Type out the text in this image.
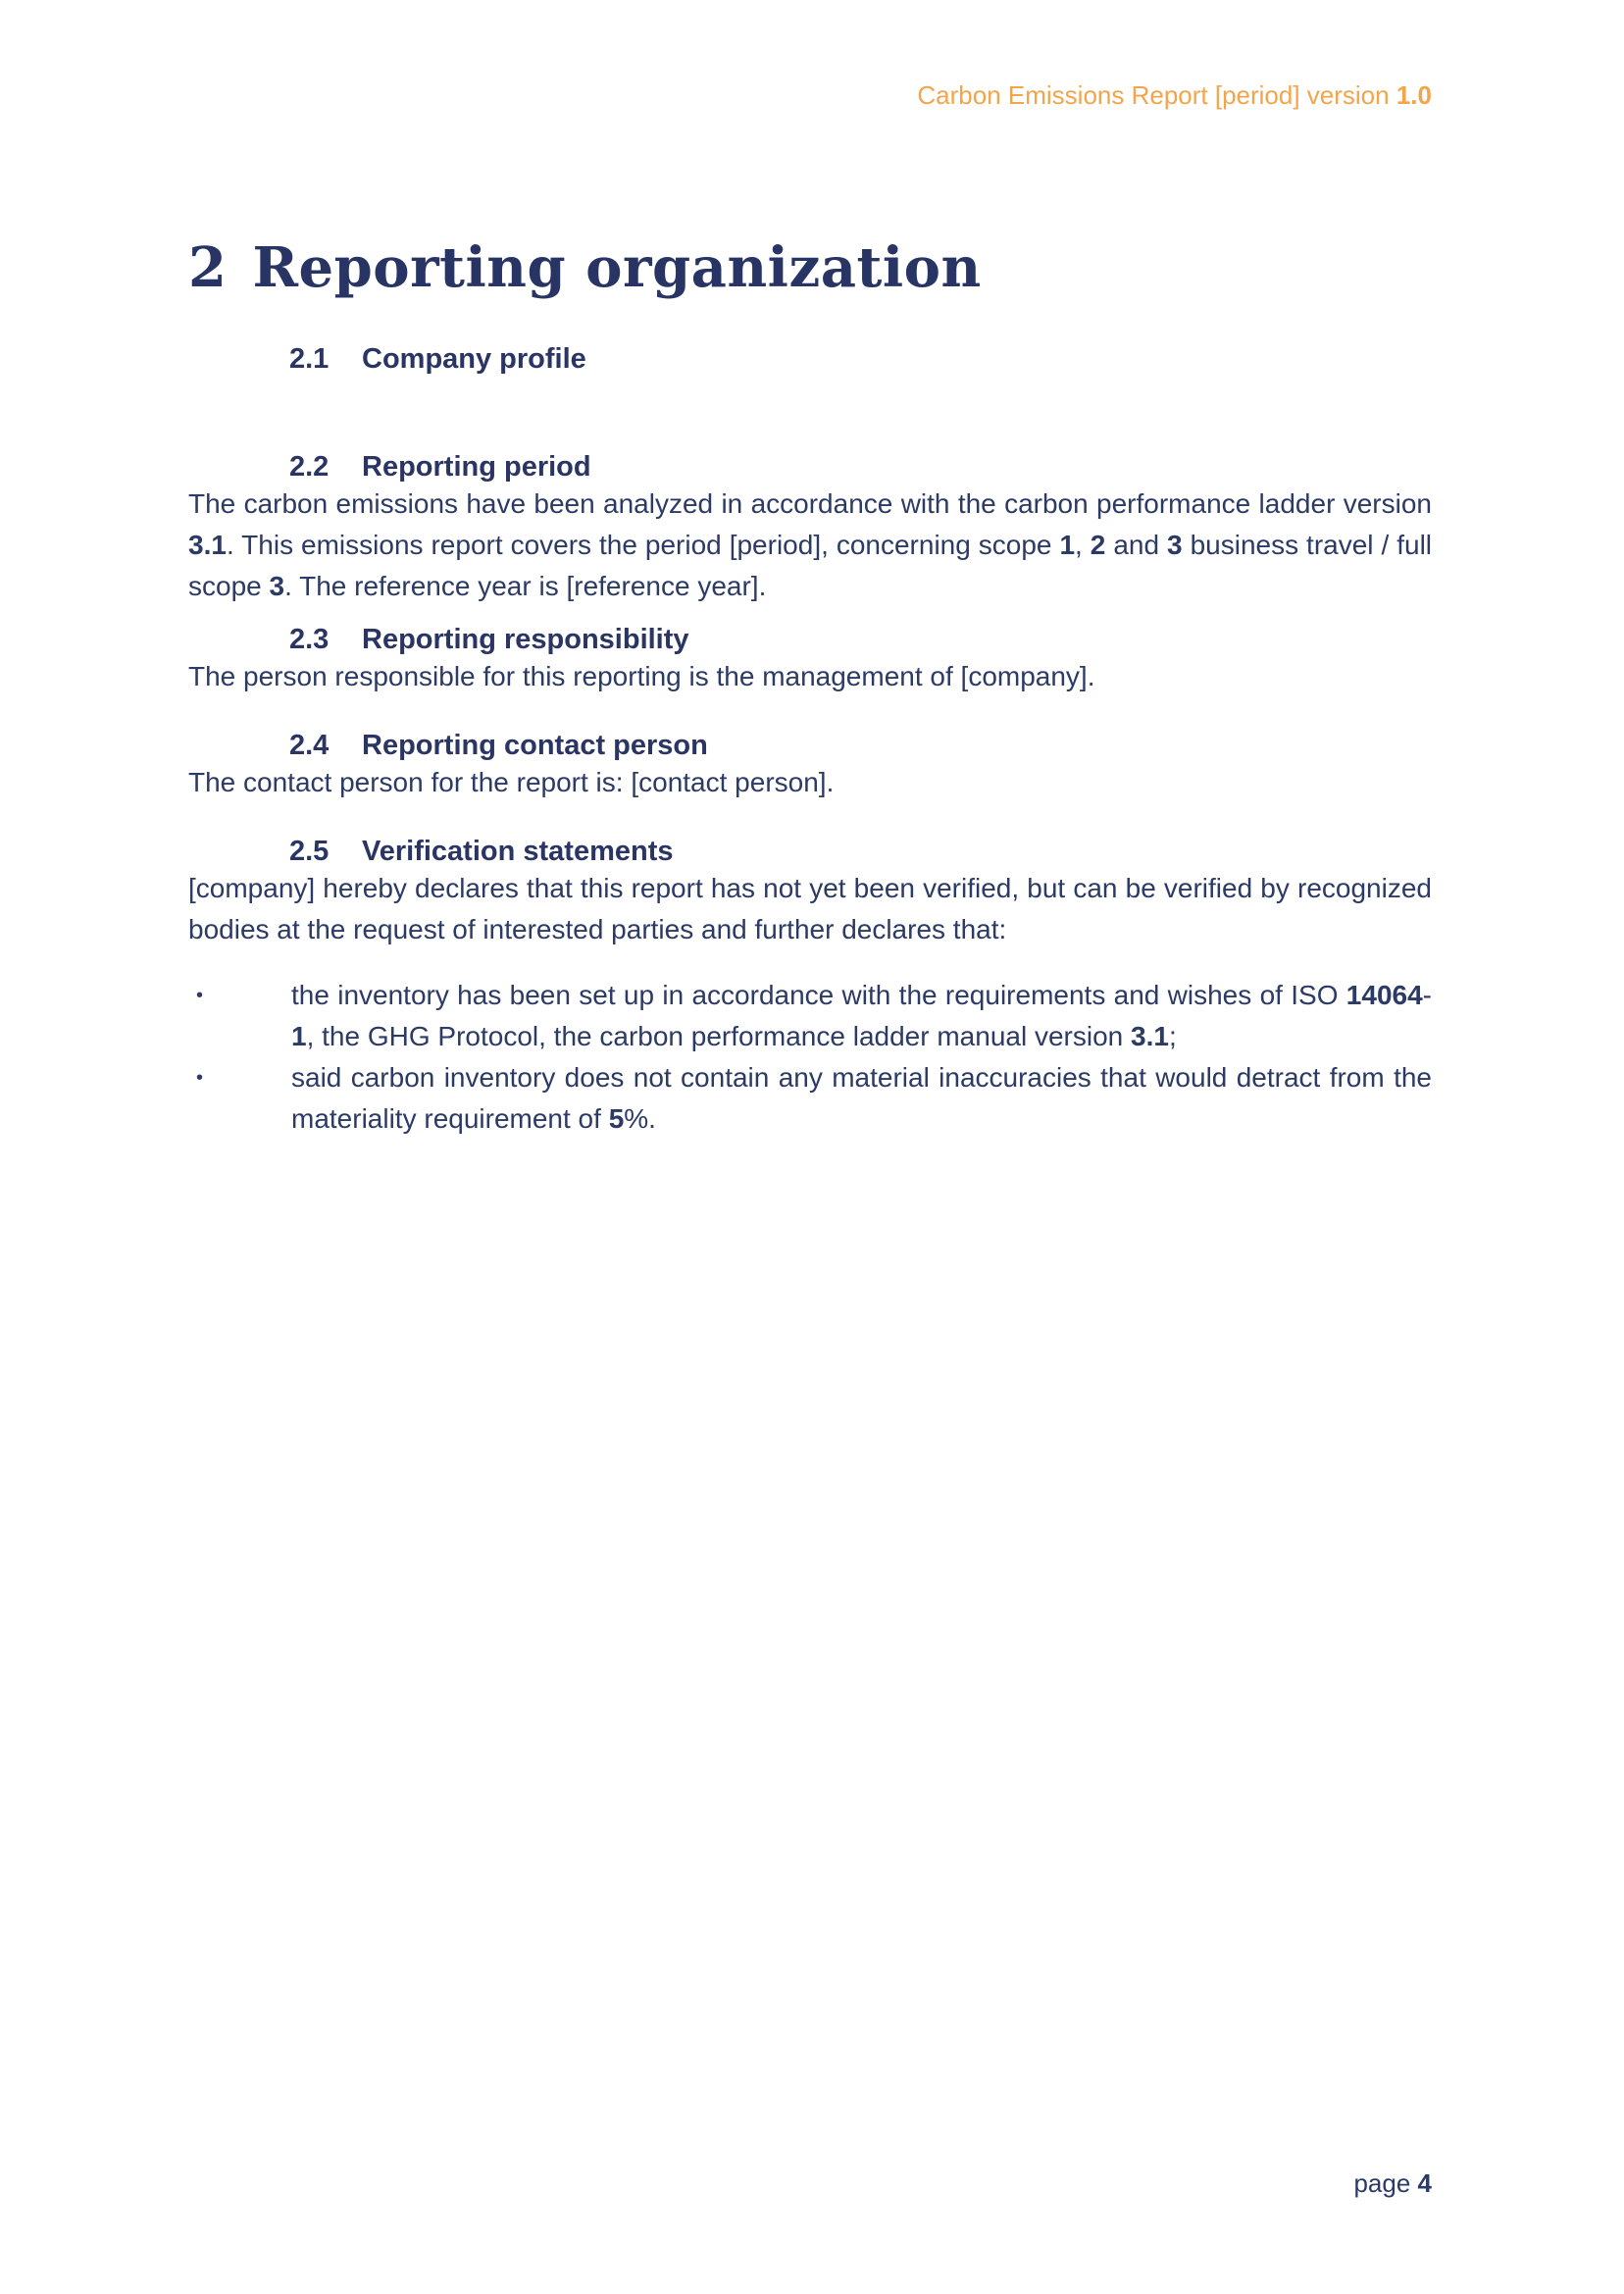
Carbon Emissions Report [period] version 1.0
2 Reporting organization
2.1 Company profile
2.2 Reporting period

The carbon emissions have been analyzed in accordance with the carbon performance ladder version 3.1. This emissions report covers the period [period], concerning scope 1, 2 and 3 business travel / full scope 3. The reference year is [reference year].

2.3 Reporting responsibility

The person responsible for this reporting is the management of [company].

2.4 Reporting contact person

The contact person for the report is: [contact person].

2.5 Verification statements

[company] hereby declares that this report has not yet been verified, but can be verified by recognized bodies at the request of interested parties and further declares that:

•	the inventory has been set up in accordance with the requirements and wishes of ISO 14064-1, the GHG Protocol, the carbon performance ladder manual version 3.1;
•	said carbon inventory does not contain any material inaccuracies that would detract from the materiality requirement of 5%.
page 4
